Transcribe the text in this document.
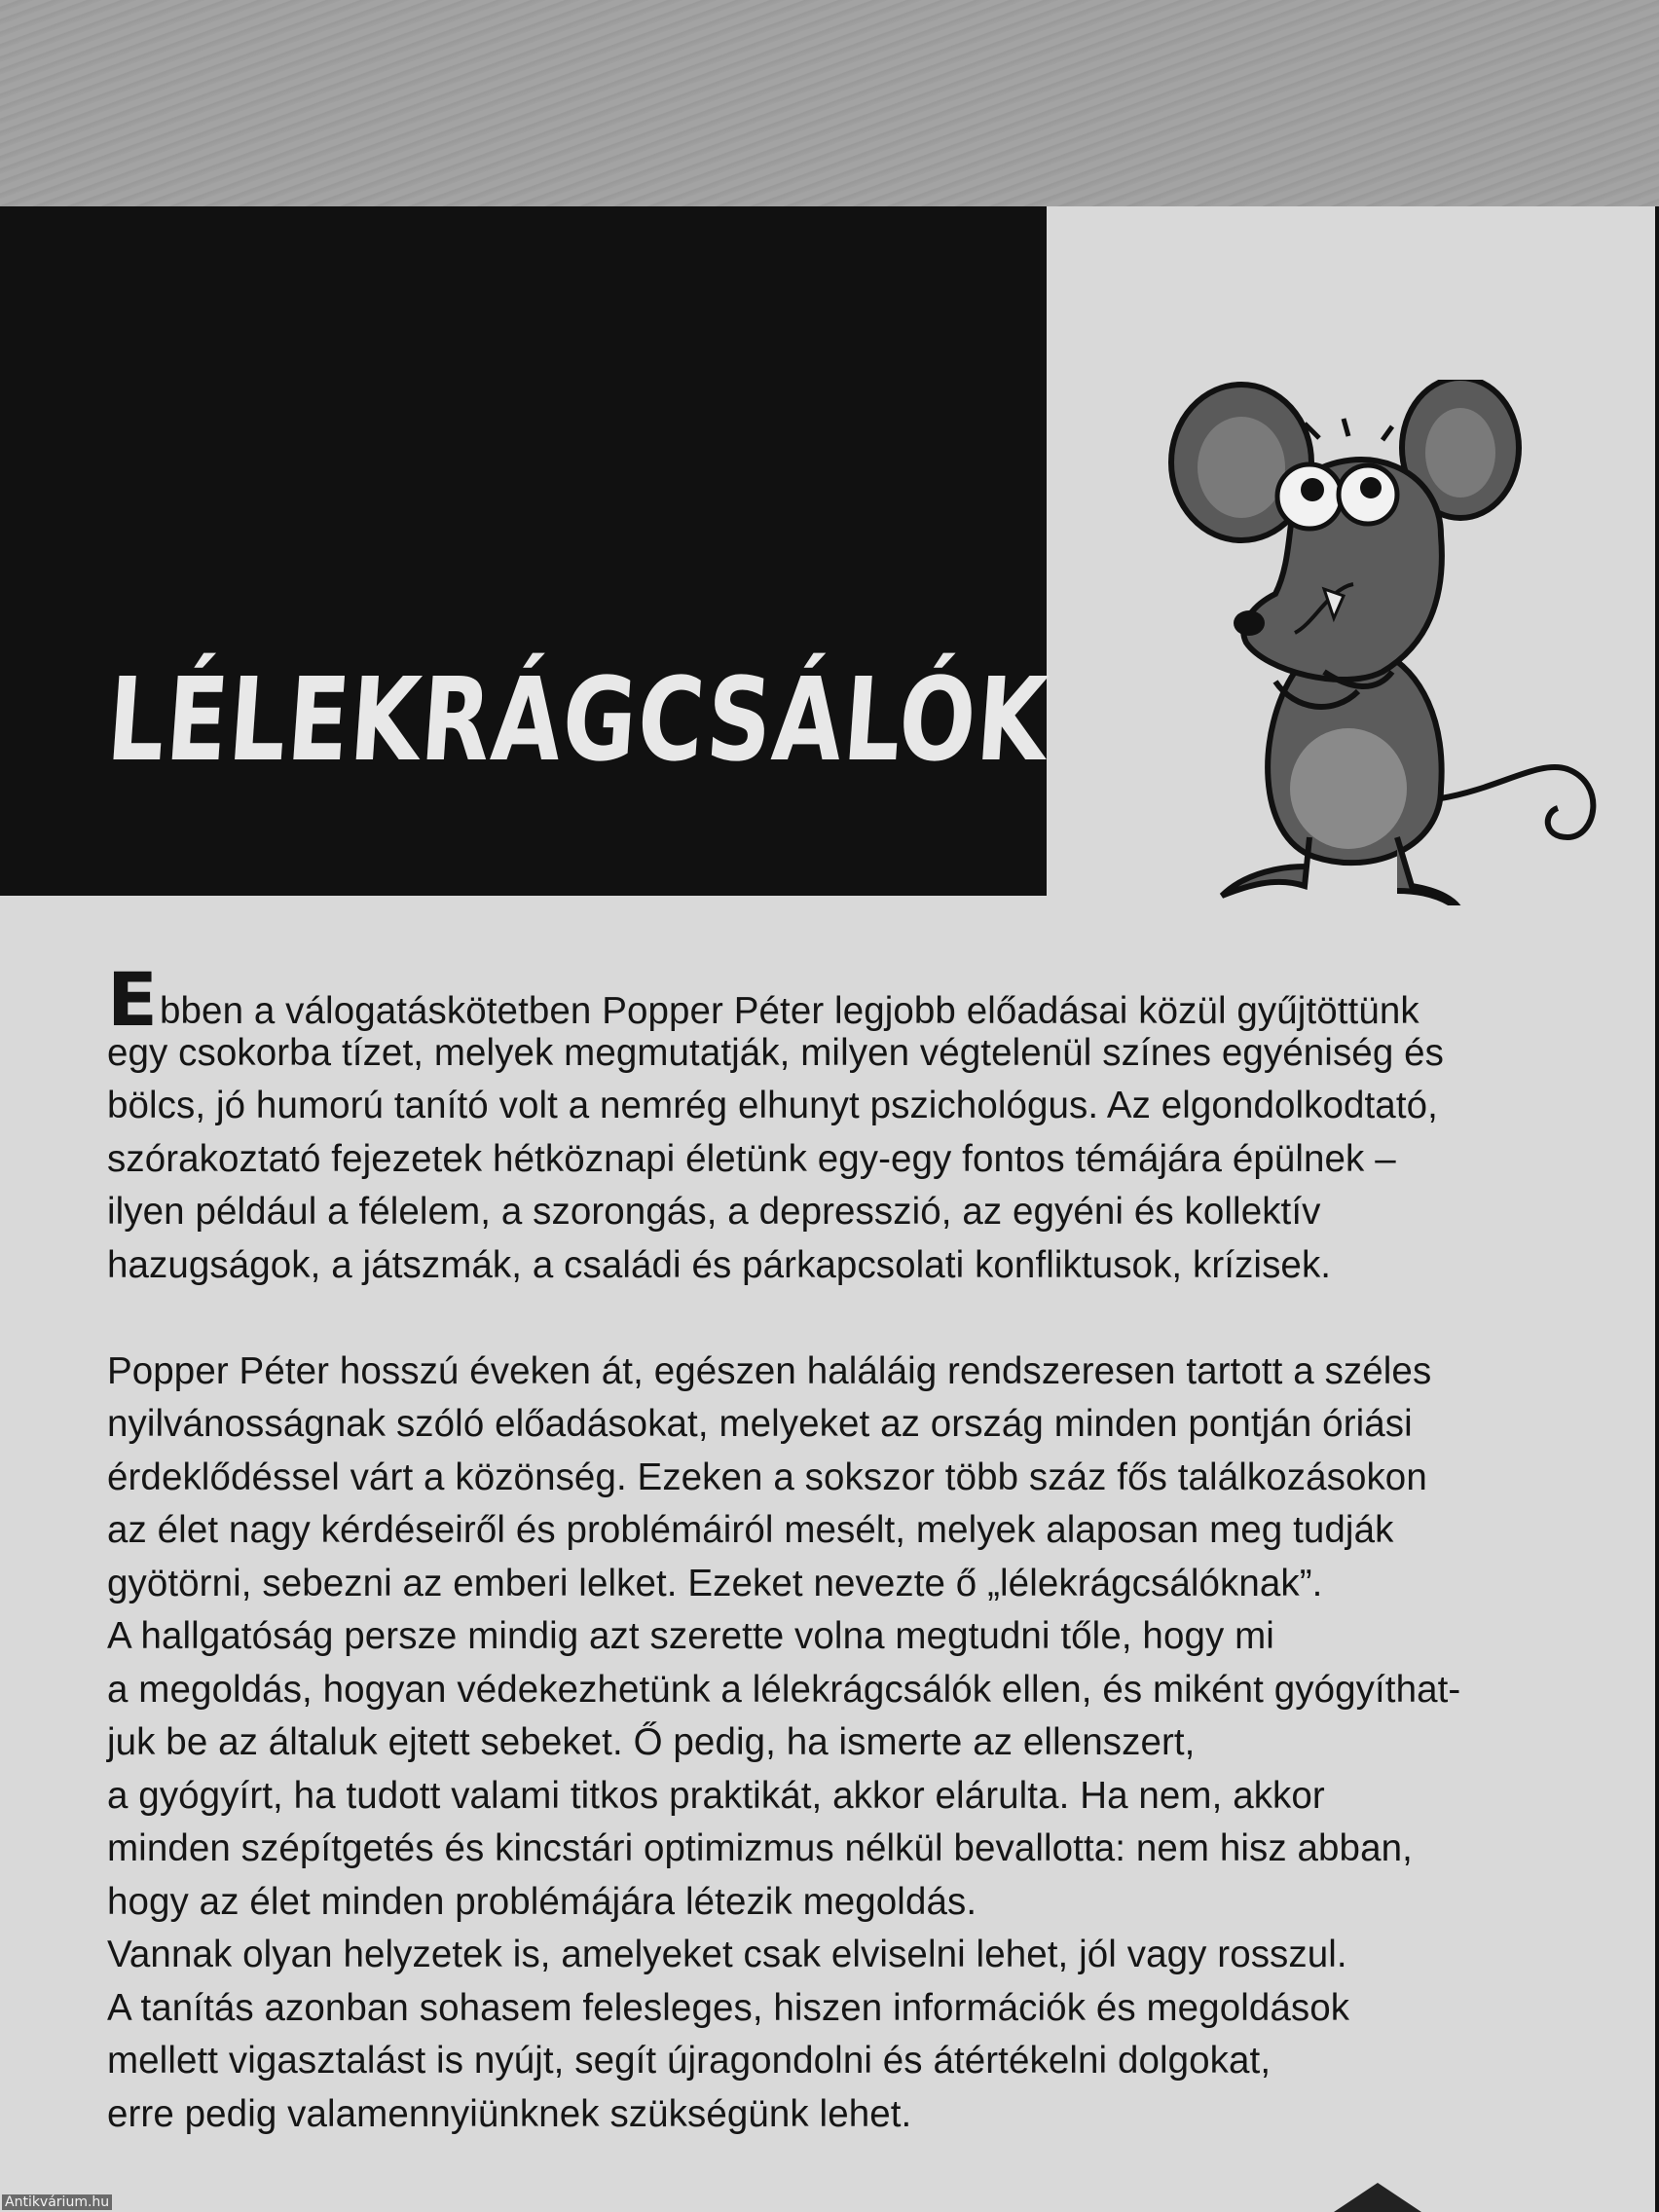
LÉLEKRÁGCSÁLÓK
Ebben a válogatáskötetben Popper Péter legjobb előadásai közül gyűjtöttünk
egy csokorba tízet, melyek megmutatják, milyen végtelenül színes egyéniség és
bölcs, jó humorú tanító volt a nemrég elhunyt pszichológus. Az elgondolkodtató,
szórakoztató fejezetek hétköznapi életünk egy-egy fontos témájára épülnek –
ilyen például a félelem, a szorongás, a depresszió, az egyéni és kollektív
hazugságok, a játszmák, a családi és párkapcsolati konfliktusok, krízisek.
Popper Péter hosszú éveken át, egészen haláláig rendszeresen tartott a széles
nyilvánosságnak szóló előadásokat, melyeket az ország minden pontján óriási
érdeklődéssel várt a közönség. Ezeken a sokszor több száz fős találkozásokon
az élet nagy kérdéseiről és problémáiról mesélt, melyek alaposan meg tudják
gyötörni, sebezni az emberi lelket. Ezeket nevezte ő „lélekrágcsálóknak”.
A hallgatóság persze mindig azt szerette volna megtudni tőle, hogy mi
a megoldás, hogyan védekezhetünk a lélekrágcsálók ellen, és miként gyógyíthat-
juk be az általuk ejtett sebeket. Ő pedig, ha ismerte az ellenszert,
a gyógyírt, ha tudott valami titkos praktikát, akkor elárulta. Ha nem, akkor
minden szépítgetés és kincstári optimizmus nélkül bevallotta: nem hisz abban,
hogy az élet minden problémájára létezik megoldás.
Vannak olyan helyzetek is, amelyeket csak elviselni lehet, jól vagy rosszul.
A tanítás azonban sohasem felesleges, hiszen információk és megoldások
mellett vigasztalást is nyújt, segít újragondolni és átértékelni dolgokat,
erre pedig valamennyiünknek szükségünk lehet.
Antikvárium.hu
